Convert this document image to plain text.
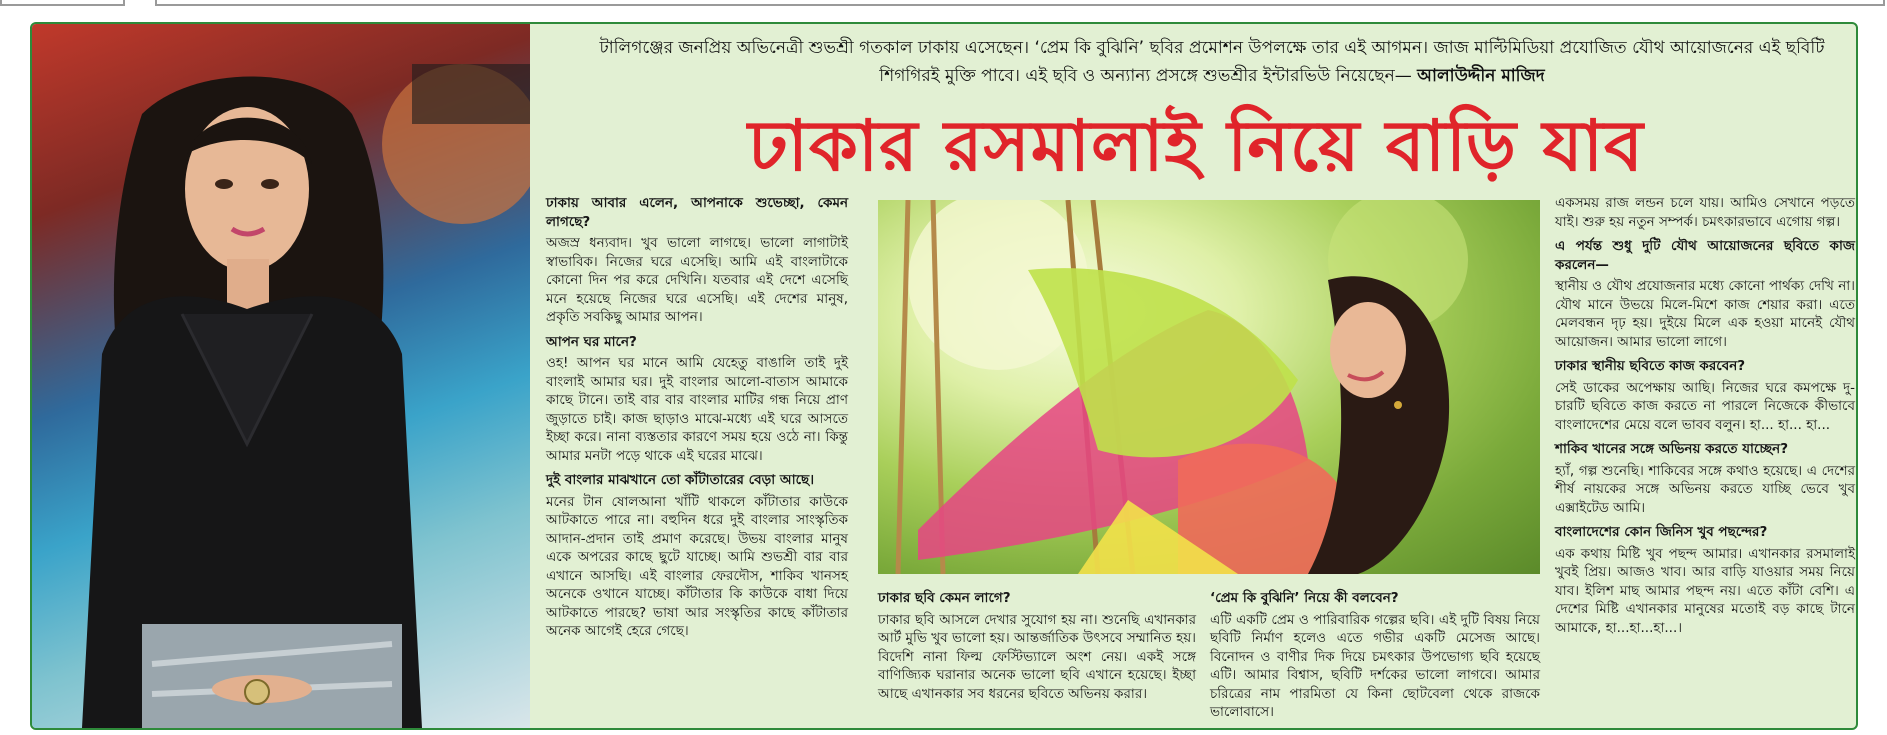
টালিগঞ্জের জনপ্রিয় অভিনেত্রী শুভশ্রী গতকাল ঢাকায় এসেছেন। ‘প্রেম কি বুঝিনি’ ছবির প্রমোশন উপলক্ষে তার এই আগমন। জাজ মাল্টিমিডিয়া প্রযোজিত যৌথ আয়োজনের এই ছবিটি শিগগিরই মুক্তি পাবে। এই ছবি ও অন্যান্য প্রসঙ্গে শুভশ্রীর ইন্টারভিউ নিয়েছেন— আলাউদ্দীন মাজিদ
ঢাকার রসমালাই নিয়ে বাড়ি যাব
ঢাকায় আবার এলেন, আপনাকে শুভেচ্ছা, কেমন লাগছে?
অজস্র ধন্যবাদ। খুব ভালো লাগছে। ভালো লাগাটাই স্বাভাবিক। নিজের ঘরে এসেছি। আমি এই বাংলাটাকে কোনো দিন পর করে দেখিনি। যতবার এই দেশে এসেছি মনে হয়েছে নিজের ঘরে এসেছি। এই দেশের মানুষ, প্রকৃতি সবকিছু আমার আপন।
আপন ঘর মানে?
ওহ! আপন ঘর মানে আমি যেহেতু বাঙালি তাই দুই বাংলাই আমার ঘর। দুই বাংলার আলো-বাতাস আমাকে কাছে টানে। তাই বার বার বাংলার মাটির গন্ধ নিয়ে প্রাণ জুড়াতে চাই। কাজ ছাড়াও মাঝে-মধ্যে এই ঘরে আসতে ইচ্ছা করে। নানা ব্যস্ততার কারণে সময় হয়ে ওঠে না। কিন্তু আমার মনটা পড়ে থাকে এই ঘরের মাঝে।
দুই বাংলার মাঝখানে তো কাঁটাতারের বেড়া আছে।
মনের টান ষোলআনা খাঁটি থাকলে কাঁটাতার কাউকে আটকাতে পারে না। বহুদিন ধরে দুই বাংলার সাংস্কৃতিক আদান-প্রদান তাই প্রমাণ করেছে। উভয় বাংলার মানুষ একে অপরের কাছে ছুটে যাচ্ছে। আমি শুভশ্রী বার বার এখানে আসছি। এই বাংলার ফেরদৌস, শাকিব খানসহ অনেকে ওখানে যাচ্ছে। কাঁটাতার কি কাউকে বাধা দিয়ে আটকাতে পারছে? ভাষা আর সংস্কৃতির কাছে কাঁটাতার অনেক আগেই হেরে গেছে।
ঢাকার ছবি কেমন লাগে?
ঢাকার ছবি আসলে দেখার সুযোগ হয় না। শুনেছি এখানকার আর্ট মুভি খুব ভালো হয়। আন্তর্জাতিক উৎসবে সম্মানিত হয়। বিদেশি নানা ফিল্ম ফেস্টিভ্যালে অংশ নেয়। একই সঙ্গে বাণিজ্যিক ঘরানার অনেক ভালো ছবি এখানে হয়েছে। ইচ্ছা আছে এখানকার সব ধরনের ছবিতে অভিনয় করার।
‘প্রেম কি বুঝিনি’ নিয়ে কী বলবেন?
এটি একটি প্রেম ও পারিবারিক গল্পের ছবি। এই দুটি বিষয় নিয়ে ছবিটি নির্মাণ হলেও এতে গভীর একটি মেসেজ আছে। বিনোদন ও বাণীর দিক দিয়ে চমৎকার উপভোগ্য ছবি হয়েছে এটি। আমার বিশ্বাস, ছবিটি দর্শকের ভালো লাগবে। আমার চরিত্রের নাম পারমিতা যে কিনা ছোটবেলা থেকে রাজকে ভালোবাসে।
একসময় রাজ লন্ডন চলে যায়। আমিও সেখানে পড়তে যাই। শুরু হয় নতুন সম্পর্ক। চমৎকারভাবে এগোয় গল্প।
এ পর্যন্ত শুধু দুটি যৌথ আয়োজনের ছবিতে কাজ করলেন—
স্থানীয় ও যৌথ প্রযোজনার মধ্যে কোনো পার্থক্য দেখি না। যৌথ মানে উভয়ে মিলে-মিশে কাজ শেয়ার করা। এতে মেলবন্ধন দৃঢ় হয়। দুইয়ে মিলে এক হওয়া মানেই যৌথ আয়োজন। আমার ভালো লাগে।
ঢাকার স্থানীয় ছবিতে কাজ করবেন?
সেই ডাকের অপেক্ষায় আছি। নিজের ঘরে কমপক্ষে দু-চারটি ছবিতে কাজ করতে না পারলে নিজেকে কীভাবে বাংলাদেশের মেয়ে বলে ভাবব বলুন। হা... হা... হা...
শাকিব খানের সঙ্গে অভিনয় করতে যাচ্ছেন?
হ্যাঁ, গল্প শুনেছি। শাকিবের সঙ্গে কথাও হয়েছে। এ দেশের শীর্ষ নায়কের সঙ্গে অভিনয় করতে যাচ্ছি ভেবে খুব এক্সাইটেড আমি।
বাংলাদেশের কোন জিনিস খুব পছন্দের?
এক কথায় মিষ্টি খুব পছন্দ আমার। এখানকার রসমালাই খুবই প্রিয়। আজও খাব। আর বাড়ি যাওয়ার সময় নিয়ে যাব। ইলিশ মাছ আমার পছন্দ নয়। এতে কাঁটা বেশি। এ দেশের মিষ্টি এখানকার মানুষের মতোই বড় কাছে টানে আমাকে, হা...হা...হা...।
